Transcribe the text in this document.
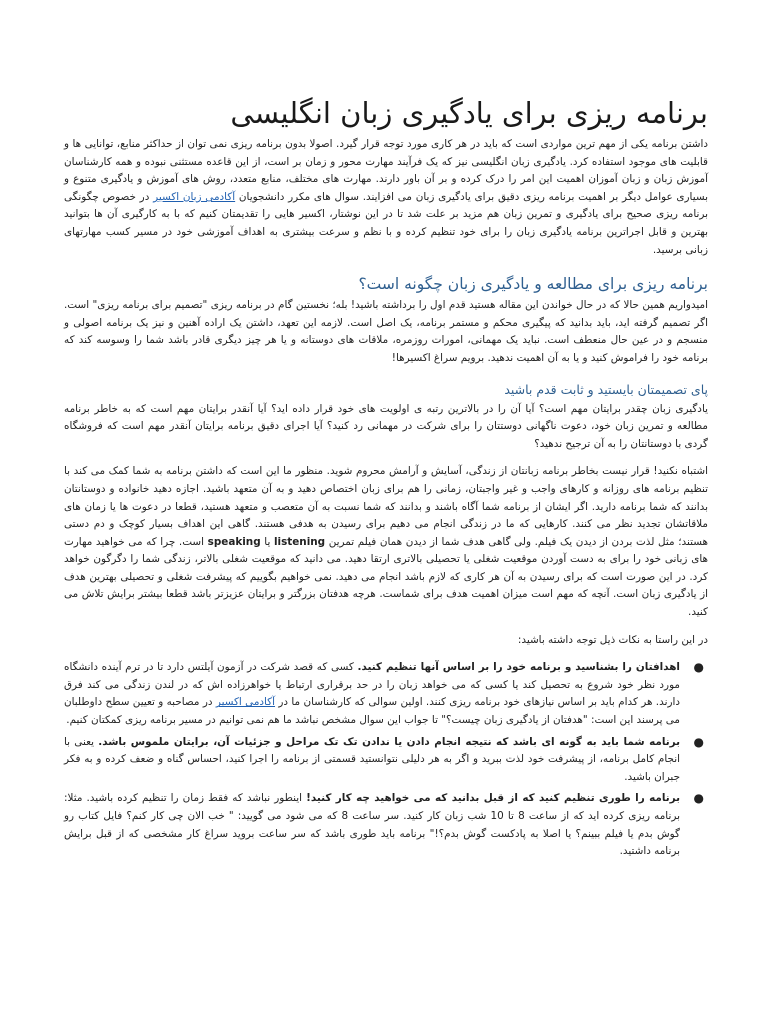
برنامه ریزی برای یادگیری زبان انگلیسی

داشتن برنامه یکی از مهم ترین مواردی است که باید در هر کاری مورد توجه قرار گیرد. اصولا بدون برنامه ریزی نمی توان از حداکثر منابع، توانایی ها و قابلیت های موجود استفاده کرد. یادگیری زبان انگلیسی نیز که یک فرآیند مهارت محور و زمان بر است، از این قاعده مستثنی نبوده و همه کارشناسان آموزش زبان و زبان آموزان اهمیت این امر را درک کرده و بر آن باور دارند. مهارت های مختلف، منابع متعدد، روش های آموزش و یادگیری متنوع و بسیاری عوامل دیگر بر اهمیت برنامه ریزی دقیق برای یادگیری زبان می افزایند. سوال های مکرر دانشجویان آکادمی زبان اکسیر در خصوص چگونگی برنامه ریزی صحیح برای یادگیری و تمرین زبان هم مزید بر علت شد تا در این نوشتار، اکسیر هایی را تقدیمتان کنیم که با به کارگیری آن ها بتوانید بهترین و قابل اجراترین برنامه یادگیری زبان را برای خود تنظیم کرده و با نظم و سرعت بیشتری به اهداف آموزشی خود در مسیر کسب مهارتهای زبانی برسید.

برنامه ریزی برای مطالعه و یادگیری زبان چگونه است؟

امیدواریم همین حالا که در حال خواندن این مقاله هستید قدم اول را برداشته باشید! بله؛ نخستین گام در برنامه ریزی "تصمیم برای برنامه ریزی" است. اگر تصمیم گرفته اید، باید بدانید که پیگیری محکم و مستمر برنامه، یک اصل است. لازمه این تعهد، داشتن یک اراده آهنین و نیز یک برنامه اصولی و منسجم و در عین حال منعطف است. نباید یک مهمانی، امورات روزمره، ملاقات های دوستانه و یا هر چیز دیگری قادر باشد شما را وسوسه کند که برنامه خود را فراموش کنید و یا به آن اهمیت ندهید. برویم سراغ اکسیرها!

پای تصمیمتان بایستید و ثابت قدم باشید

یادگیری زبان چقدر برایتان مهم است؟ آیا آن را در بالاترین رتبه ی اولویت های خود قرار داده اید؟ آیا آنقدر برایتان مهم است که به خاطر برنامه مطالعه و تمرین زبان خود، دعوت ناگهانی دوستتان را برای شرکت در مهمانی رد کنید؟ آیا اجرای دقیق برنامه برایتان آنقدر مهم است که فروشگاه گردی با دوستانتان را به آن ترجیح ندهید؟

اشتباه نکنید! قرار نیست بخاطر برنامه زبانتان از زندگی، آسایش و آرامش محروم شوید. منظور ما این است که داشتن برنامه به شما کمک می کند با تنظیم برنامه های روزانه و کارهای واجب و غیر واجبتان، زمانی را هم برای زبان اختصاص دهید و به آن متعهد باشید. اجازه دهید خانواده و دوستانتان بدانند که شما برنامه دارید. اگر ایشان از برنامه شما آگاه باشند و بدانند که شما نسبت به آن متعصب و متعهد هستید، قطعا در دعوت ها یا زمان های ملاقاتشان تجدید نظر می کنند. کارهایی که ما در زندگی انجام می دهیم برای رسیدن به هدفی هستند. گاهی این اهداف بسیار کوچک و دم دستی هستند؛ مثل لذت بردن از دیدن یک فیلم. ولی گاهی هدف شما از دیدن همان فیلم تمرین listening یا speaking است. چرا که می خواهید مهارت های زبانی خود را برای به دست آوردن موقعیت شغلی یا تحصیلی بالاتری ارتقا دهید. می دانید که موقعیت شغلی بالاتر، زندگی شما را دگرگون خواهد کرد. در این صورت است که برای رسیدن به آن هر کاری که لازم باشد انجام می دهید. نمی خواهیم بگوییم که پیشرفت شغلی و تحصیلی بهترین هدف از یادگیری زبان است. آنچه که مهم است میزان اهمیت هدف برای شماست. هرچه هدفتان بزرگتر و برایتان عزیزتر باشد قطعا بیشتر برایش تلاش می کنید.

در این راستا به نکات ذیل توجه داشته باشید:

●
اهدافتان را بشناسید و برنامه خود را بر اساس آنها تنظیم کنید. کسی که قصد شرکت در آزمون آیلتس دارد تا در ترم آینده دانشگاه مورد نظر خود شروع به تحصیل کند یا کسی که می خواهد زبان را در حد برقراری ارتباط یا خواهرزاده اش که در لندن زندگی می کند فرق دارند. هر کدام باید بر اساس نیازهای خود برنامه ریزی کنند. اولین سوالی که کارشناسان ما در آکادمی اکسیر در مصاحبه و تعیین سطح داوطلبان می پرسند این است: "هدفتان از یادگیری زبان چیست؟" تا جواب این سوال مشخص نباشد ما هم نمی توانیم در مسیر برنامه ریزی کمکتان کنیم.
●
برنامه شما باید به گونه ای باشد که نتیجه انجام دادن یا ندادن تک تک مراحل و جزئیات آن، برایتان ملموس باشد. یعنی با انجام کامل برنامه، از پیشرفت خود لذت ببرید و اگر به هر دلیلی نتوانستید قسمتی از برنامه را اجرا کنید، احساس گناه و ضعف کرده و به فکر جبران باشید.
●
برنامه را طوری تنظیم کنید که از قبل بدانید که می خواهید چه کار کنید! اینطور نباشد که فقط زمان را تنظیم کرده باشید. مثلا: برنامه ریزی کرده اید که از ساعت 8 تا 10 شب زبان کار کنید. سر ساعت 8 که می شود می گویید: " خب الان چی کار کنم؟ فایل کتاب رو گوش بدم یا فیلم ببینم؟ یا اصلا به پادکست گوش بدم؟!" برنامه باید طوری باشد که سر ساعت بروید سراغ کار مشخصی که از قبل برایش برنامه داشتید.
